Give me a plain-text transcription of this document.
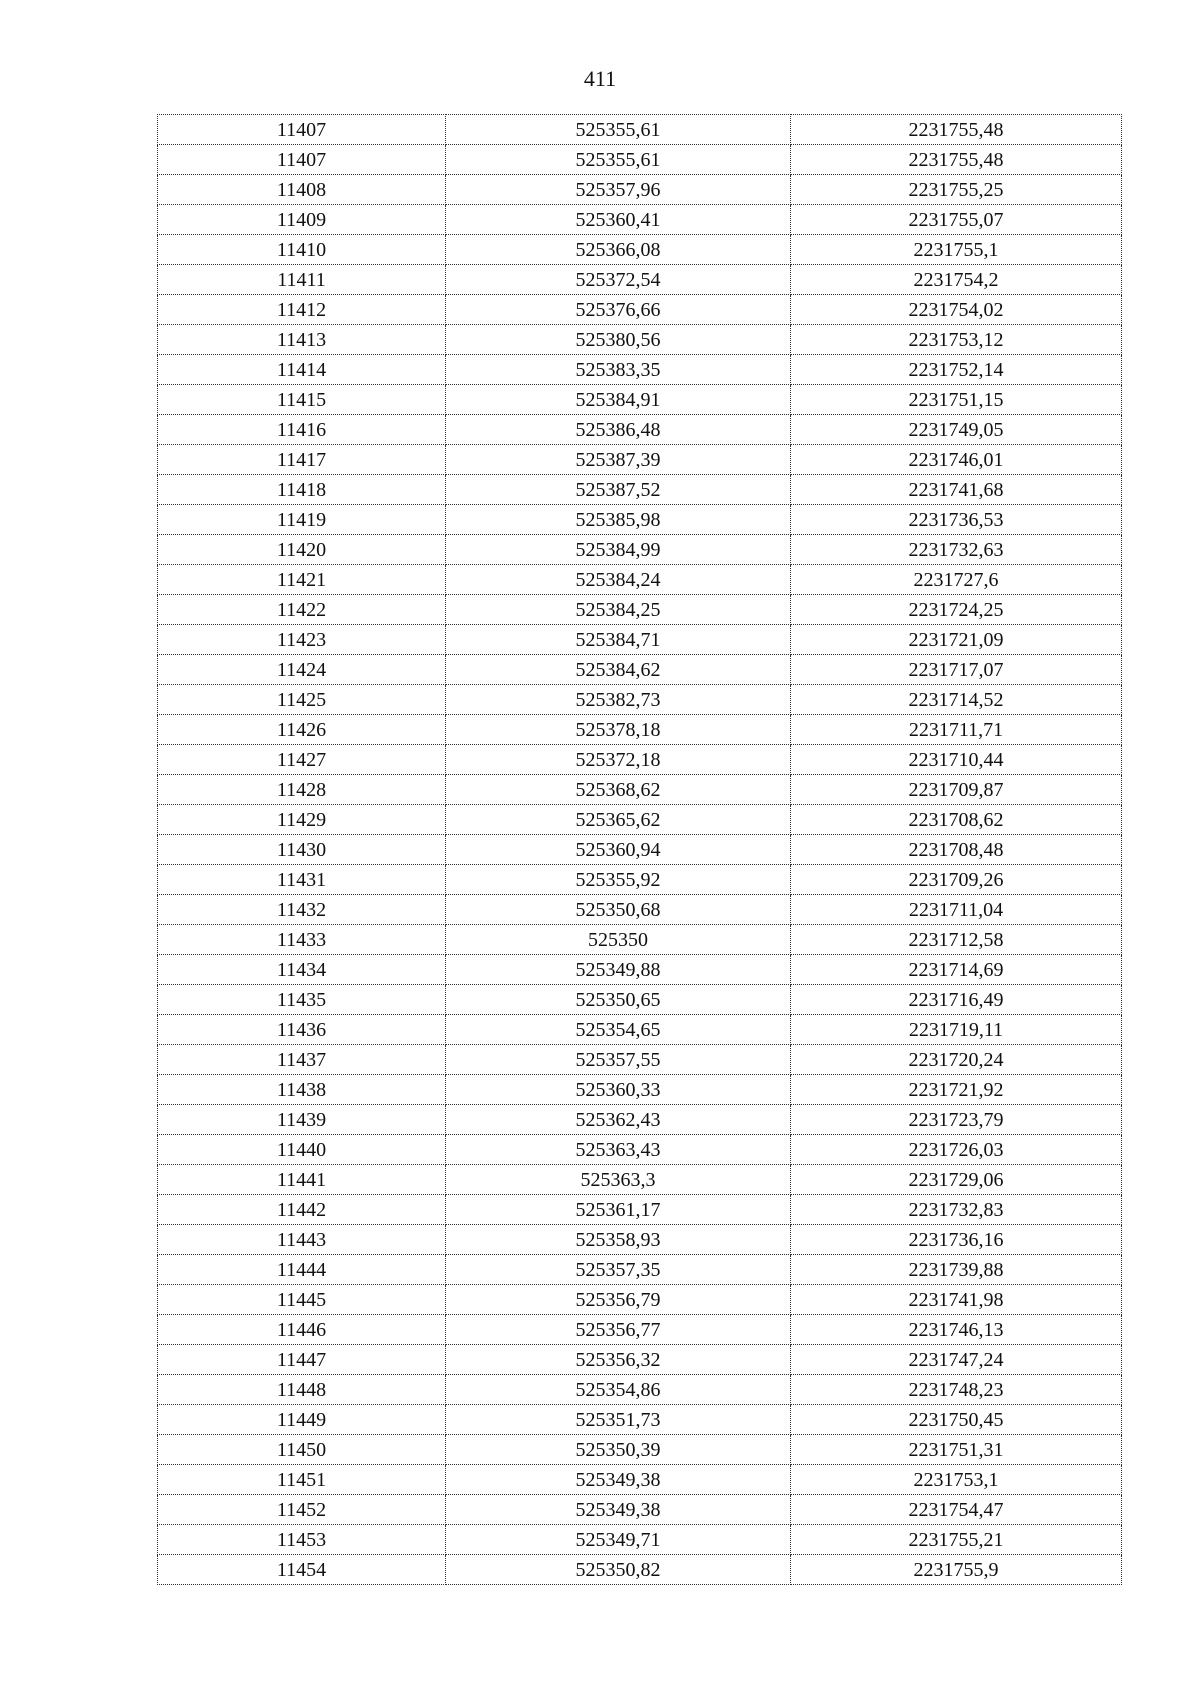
411
11407	525355,61	2231755,48
11407	525355,61	2231755,48
11408	525357,96	2231755,25
11409	525360,41	2231755,07
11410	525366,08	2231755,1
11411	525372,54	2231754,2
11412	525376,66	2231754,02
11413	525380,56	2231753,12
11414	525383,35	2231752,14
11415	525384,91	2231751,15
11416	525386,48	2231749,05
11417	525387,39	2231746,01
11418	525387,52	2231741,68
11419	525385,98	2231736,53
11420	525384,99	2231732,63
11421	525384,24	2231727,6
11422	525384,25	2231724,25
11423	525384,71	2231721,09
11424	525384,62	2231717,07
11425	525382,73	2231714,52
11426	525378,18	2231711,71
11427	525372,18	2231710,44
11428	525368,62	2231709,87
11429	525365,62	2231708,62
11430	525360,94	2231708,48
11431	525355,92	2231709,26
11432	525350,68	2231711,04
11433	525350	2231712,58
11434	525349,88	2231714,69
11435	525350,65	2231716,49
11436	525354,65	2231719,11
11437	525357,55	2231720,24
11438	525360,33	2231721,92
11439	525362,43	2231723,79
11440	525363,43	2231726,03
11441	525363,3	2231729,06
11442	525361,17	2231732,83
11443	525358,93	2231736,16
11444	525357,35	2231739,88
11445	525356,79	2231741,98
11446	525356,77	2231746,13
11447	525356,32	2231747,24
11448	525354,86	2231748,23
11449	525351,73	2231750,45
11450	525350,39	2231751,31
11451	525349,38	2231753,1
11452	525349,38	2231754,47
11453	525349,71	2231755,21
11454	525350,82	2231755,9
